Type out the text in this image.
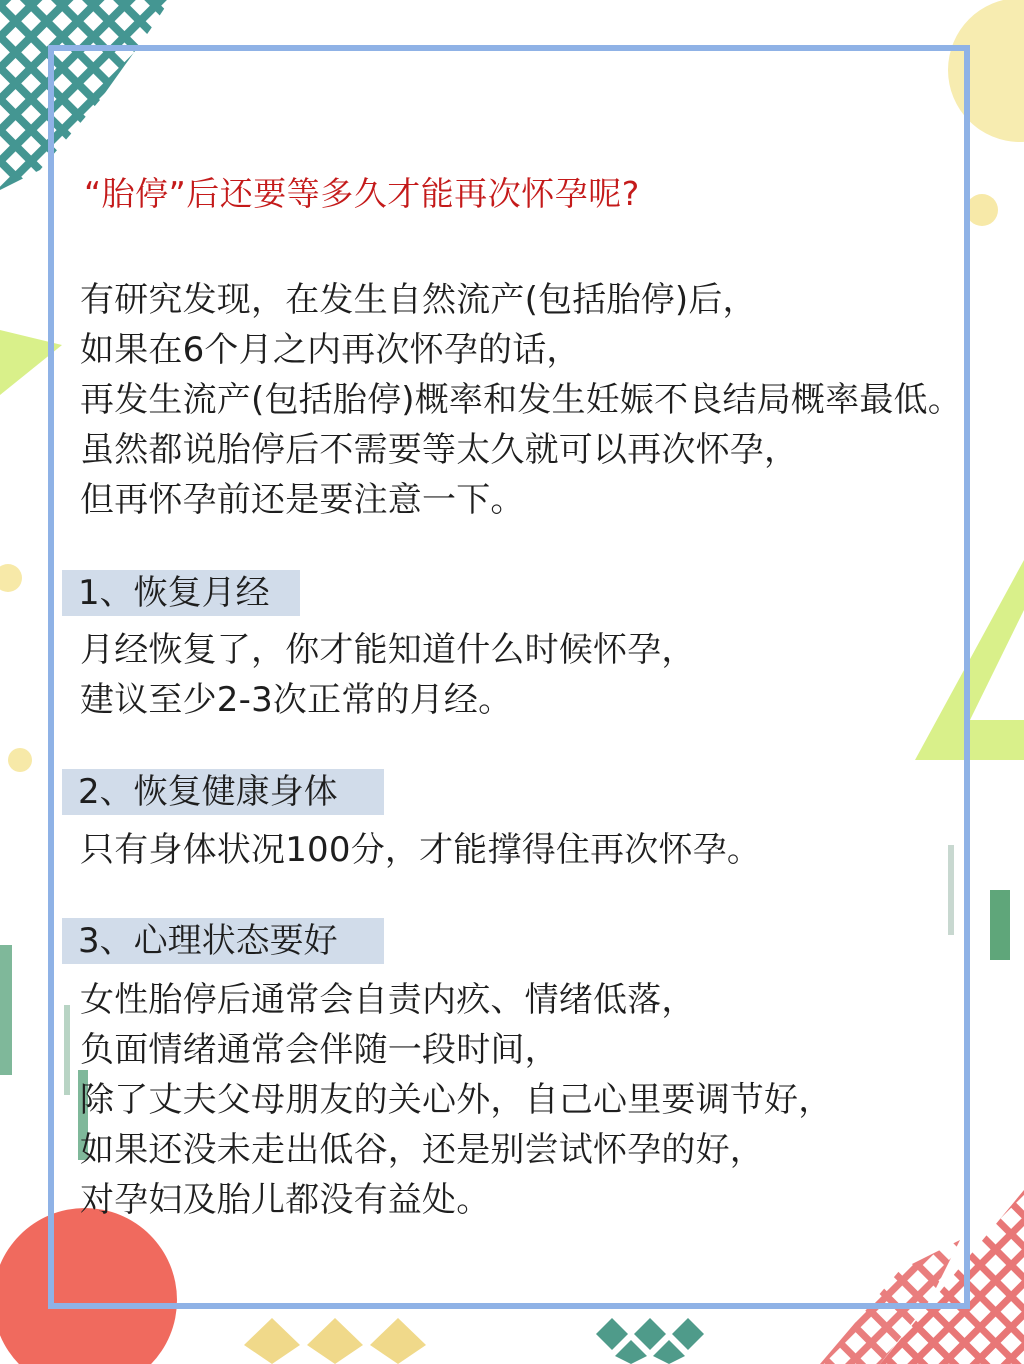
“胎停”后还要等多久才能再次怀孕呢?
有研究发现，在发生自然流产(包括胎停)后，
如果在6个月之内再次怀孕的话，
再发生流产(包括胎停)概率和发生妊娠不良结局概率最低。
虽然都说胎停后不需要等太久就可以再次怀孕，
但再怀孕前还是要注意一下。
1、恢复月经
月经恢复了，你才能知道什么时候怀孕，
建议至少2-3次正常的月经。
2、恢复健康身体
只有身体状况100分，才能撑得住再次怀孕。
3、心理状态要好
女性胎停后通常会自责内疚、情绪低落，
负面情绪通常会伴随一段时间，
除了丈夫父母朋友的关心外，自己心里要调节好，
如果还没未走出低谷，还是别尝试怀孕的好，
对孕妇及胎儿都没有益处。
